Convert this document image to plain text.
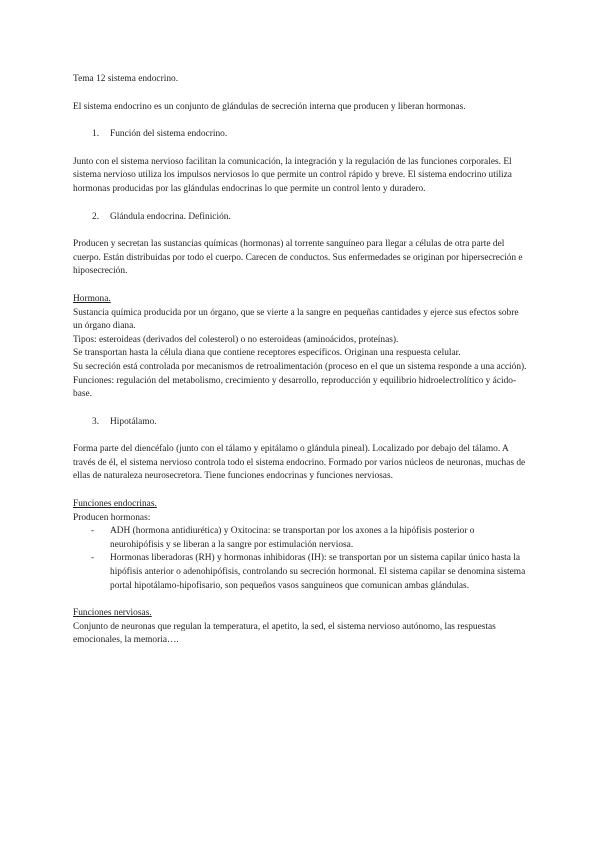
Tema 12 sistema endocrino.

El sistema endocrino es un conjunto de glándulas de secreción interna que producen y liberan hormonas.

1.	Función del sistema endocrino.

Junto con el sistema nervioso facilitan la comunicación, la integración y la regulación de las funciones corporales. El sistema nervioso utiliza los impulsos nerviosos lo que permite un control rápido y breve. El sistema endocrino utiliza hormonas producidas por las glándulas endocrinas lo que permite un control lento y duradero.

2.	Glándula endocrina. Definición.

Producen y secretan las sustancias químicas (hormonas) al torrente sanguíneo para llegar a células de otra parte del cuerpo. Están distribuidas por todo el cuerpo. Carecen de conductos. Sus enfermedades se originan por hipersecreción e hiposecreción.

Hormona.

Sustancia química producida por un órgano, que se vierte a la sangre en pequeñas cantidades y ejerce sus efectos sobre un órgano diana.

Tipos: esteroideas (derivados del colesterol) o no esteroideas (aminoácidos, proteínas).

Se transportan hasta la célula diana que contiene receptores específicos. Originan una respuesta celular.

Su secreción está controlada por mecanismos de retroalimentación (proceso en el que un sistema responde a una acción).

Funciones: regulación del metabolismo, crecimiento y desarrollo, reproducción y equilibrio hidroelectrolítico y ácido-base.

3.	Hipotálamo.

Forma parte del diencéfalo (junto con el tálamo y epitálamo o glándula pineal). Localizado por debajo del tálamo. A través de él, el sistema nervioso controla todo el sistema endocrino. Formado por varios núcleos de neuronas, muchas de ellas de naturaleza neurosecretora. Tiene funciones endocrinas y funciones nerviosas.

Funciones endocrinas.

Producen hormonas:

-	ADH (hormona antidiurética) y Oxitocina: se transportan por los axones a la hipófisis posterior o neurohipófisis y se liberan a la sangre por estimulación nerviosa.
-	Hormonas liberadoras (RH) y hormonas inhibidoras (IH): se transportan por un sistema capilar único hasta la hipófisis anterior o adenohipófisis, controlando su secreción hormonal. El sistema capilar se denomina sistema portal hipotálamo-hipofisario, son pequeños vasos sanguíneos que comunican ambas glándulas.

Funciones nerviosas.

Conjunto de neuronas que regulan la temperatura, el apetito, la sed, el sistema nervioso autónomo, las respuestas emocionales, la memoria….
